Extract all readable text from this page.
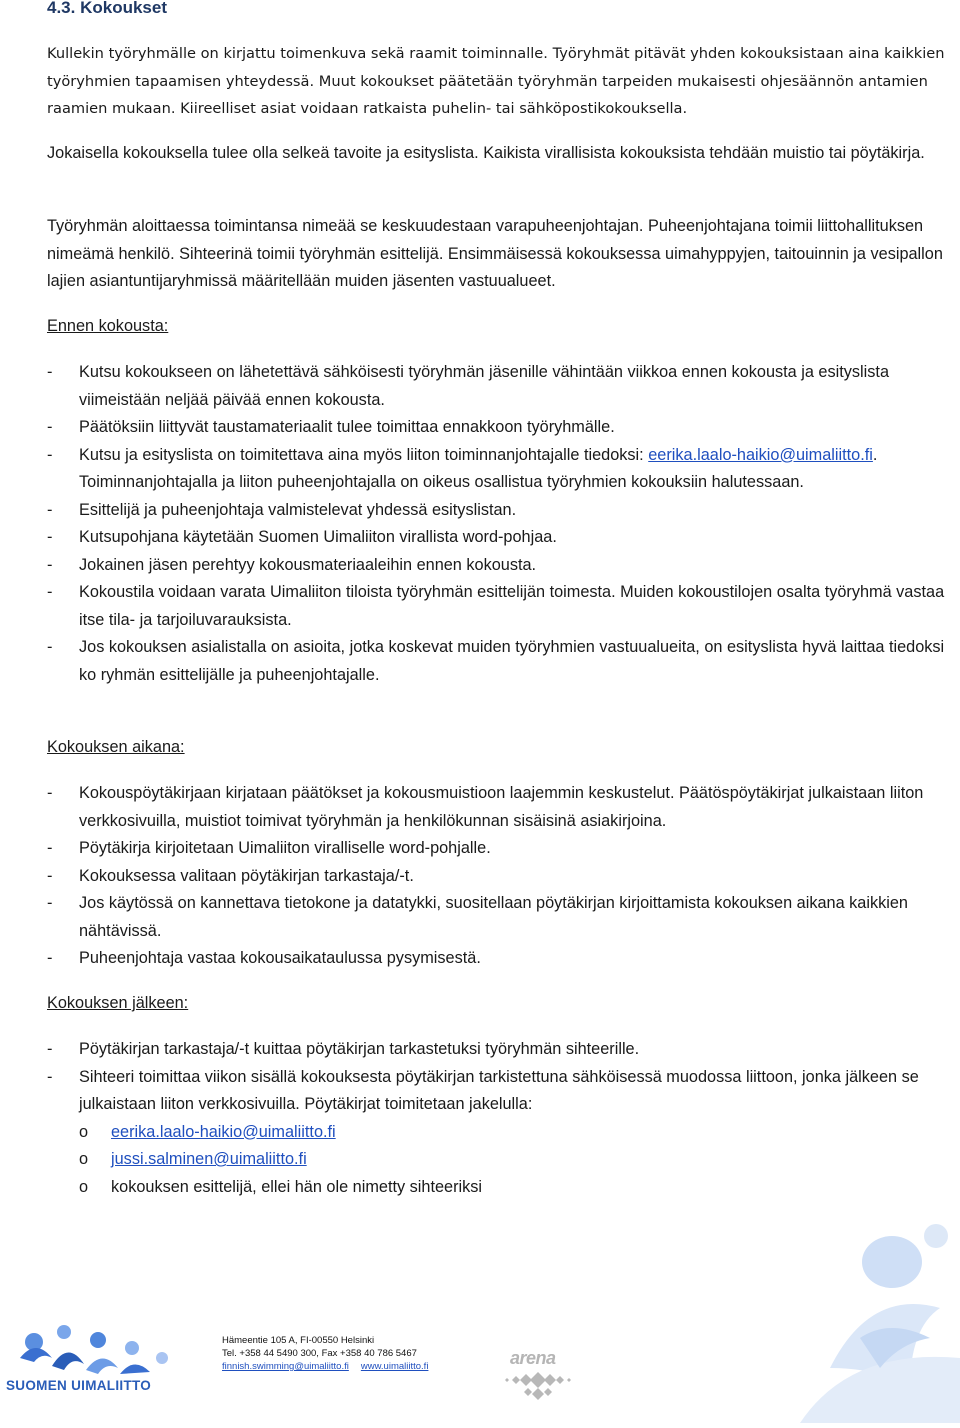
4.3. Kokoukset

Kullekin työryhmälle on kirjattu toimenkuva sekä raamit toiminnalle. Työryhmät pitävät yhden kokouksistaan aina kaikkien työryhmien tapaamisen yhteydessä. Muut kokoukset päätetään työryhmän tarpeiden mukaisesti ohjesäännön antamien raamien mukaan. Kiireelliset asiat voidaan ratkaista puhelin- tai sähköpostikokouksella.

Jokaisella kokouksella tulee olla selkeä tavoite ja esityslista. Kaikista virallisista kokouksista tehdään muistio tai pöytäkirja.

Työryhmän aloittaessa toimintansa nimeää se keskuudestaan varapuheenjohtajan. Puheenjohtajana toimii liittohallituksen nimeämä henkilö. Sihteerinä toimii työryhmän esittelijä. Ensimmäisessä kokouksessa uimahyppyjen, taitouinnin ja vesipallon lajien asiantuntijaryhmissä määritellään muiden jäsenten vastuualueet.

Ennen kokousta:
- Kutsu kokoukseen on lähetettävä sähköisesti työryhmän jäsenille vähintään viikkoa ennen kokousta ja esityslista viimeistään neljää päivää ennen kokousta.
- Päätöksiin liittyvät taustamateriaalit tulee toimittaa ennakkoon työryhmälle.
- Kutsu ja esityslista on toimitettava aina myös liiton toiminnanjohtajalle tiedoksi: eerika.laalo-haikio@uimaliitto.fi. Toiminnanjohtajalla ja liiton puheenjohtajalla on oikeus osallistua työryhmien kokouksiin halutessaan.
- Esittelijä ja puheenjohtaja valmistelevat yhdessä esityslistan.
- Kutsupohjana käytetään Suomen Uimaliiton virallista word-pohjaa.
- Jokainen jäsen perehtyy kokousmateriaaleihin ennen kokousta.
- Kokoustila voidaan varata Uimaliiton tiloista työryhmän esittelijän toimesta. Muiden kokoustilojen osalta työryhmä vastaa itse tila- ja tarjoiluvarauksista.
- Jos kokouksen asialistalla on asioita, jotka koskevat muiden työryhmien vastuualueita, on esityslista hyvä laittaa tiedoksi ko ryhmän esittelijälle ja puheenjohtajalle.
Kokouksen aikana:
- Kokouspöytäkirjaan kirjataan päätökset ja kokousmuistioon laajemmin keskustelut. Päätöspöytäkirjat julkaistaan liiton verkkosivuilla, muistiot toimivat työryhmän ja henkilökunnan sisäisinä asiakirjoina.
- Pöytäkirja kirjoitetaan Uimaliiton viralliselle word-pohjalle.
- Kokouksessa valitaan pöytäkirjan tarkastaja/-t.
- Jos käytössä on kannettava tietokone ja datatykki, suositellaan pöytäkirjan kirjoittamista kokouksen aikana kaikkien nähtävissä.
- Puheenjohtaja vastaa kokousaikataulussa pysymisestä.
Kokouksen jälkeen:
- Pöytäkirjan tarkastaja/-t kuittaa pöytäkirjan tarkastetuksi työryhmän sihteerille.
- Sihteeri toimittaa viikon sisällä kokouksesta pöytäkirjan tarkistettuna sähköisessä muodossa liittoon, jonka jälkeen se julkaistaan liiton verkkosivuilla. Pöytäkirjat toimitetaan jakelulla:
o eerika.laalo-haikio@uimaliitto.fi
o jussi.salminen@uimaliitto.fi
o kokouksen esittelijä, ellei hän ole nimetty sihteeriksi
SUOMEN UIMALIITTO
Hämeentie 105 A, FI-00550 Helsinki
Tel. +358 44 5490 300, Fax +358 40 786 5467
finnish.swimming@uimaliitto.fi www.uimaliitto.fi	arena
